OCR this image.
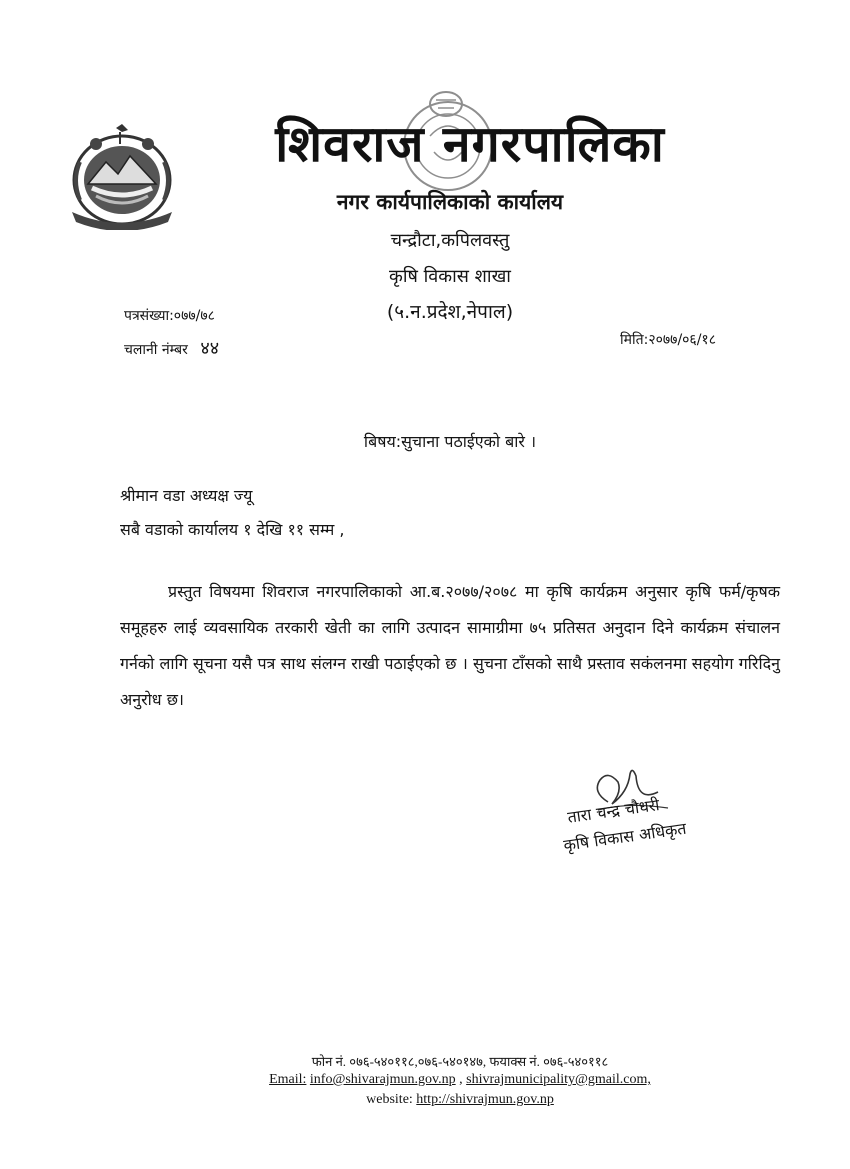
शिवराज नगरपालिका
नगर कार्यपालिकाको कार्यालय
चन्द्रौटा,कपिलवस्तु
कृषि विकास शाखा
(५.न.प्रदेश,नेपाल)
पत्रसंख्या:०७७/७८
चलानी नंम्बर ४४	मिति:२०७७/०६/१८
बिषय:सुचाना पठाईएको बारे ।
श्रीमान वडा अध्यक्ष ज्यू
सबै वडाको कार्यालय १ देखि ११ सम्म ,

प्रस्तुत विषयमा शिवराज नगरपालिकाको आ.ब.२०७७/२०७८ मा कृषि कार्यक्रम अनुसार कृषि फर्म/कृषक समूहहरु लाई व्यवसायिक तरकारी खेती का लागि उत्पादन सामाग्रीमा ७५ प्रतिसत अनुदान दिने कार्यक्रम संचालन गर्नको लागि सूचना यसै पत्र साथ संलग्न राखी पठाईएको छ । सुचना टाँसको साथै प्रस्ताव सकंलनमा सहयोग गरिदिनु अनुरोध छ।

तारा चन्द्र चौधरी
कृषि विकास अधिकृत
फोन नं. ०७६-५४०११८,०७६-५४०१४७, फयाक्स नं. ०७६-५४०११८
Email: info@shivarajmun.gov.np , shivrajmunicipality@gmail.com,
website: http://shivrajmun.gov.np
